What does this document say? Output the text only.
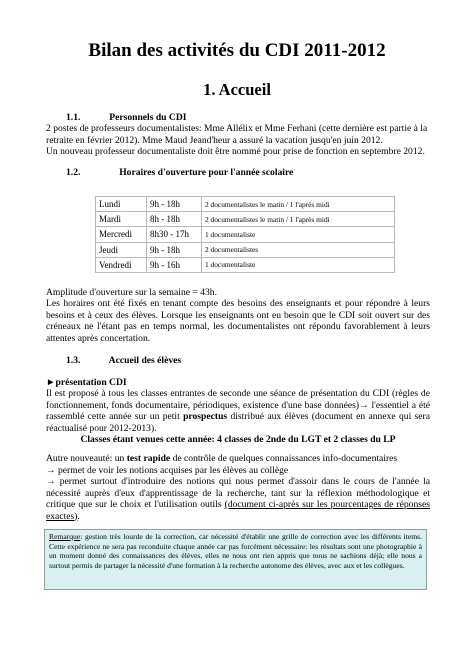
Bilan des activités du CDI 2011-2012
1. Accueil
1.1.	Personnels du CDI
2 postes de professeurs documentalistes: Mme Allélix et Mme Ferhani (cette dernière est partie à la
retraite en février 2012). Mme Maud Jeand'heur a assuré la vacation jusqu'en juin 2012.
Un nouveau professeur documentaliste doit être nommé pour prise de fonction en septembre 2012.
1.2.	Horaires d'ouverture pour l'année scolaire
Lundi	9h - 18h	2 documentalistes le matin / 1 l'après midi
Mardi	8h - 18h	2 documentalistes le matin / 1 l'après midi
Mercredi	8h30 - 17h	1 documentaliste
Jeudi	9h - 18h	2 documentalistes
Vendredi	9h - 16h	1 documentaliste
Amplitude d'ouverture sur la semaine = 43h.
Les horaires ont été fixés en tenant compte des besoins des enseignants et pour répondre à leurs besoins et à ceux des élèves. Lorsque les enseignants ont eu besoin que le CDI soit ouvert sur des créneaux ne l'étant pas en temps normal, les documentalistes ont répondu favorablement à leurs attentes après concertation.
1.3.	Accueil des élèves
►présentation CDI
Il est proposé à tous les classes entrantes de seconde une séance de présentation du CDI (règles de fonctionnement, fonds documentaire, périodiques, existence d'une base données)→ l'essentiel a été rassemblé cette année sur un petit prospectus distribué aux élèves (document en annexe qui sera réactualisé pour 2012-2013).
Classes étant venues cette année: 4 classes de 2nde du LGT et 2 classes du LP
Autre nouveauté: un test rapide de contrôle de quelques connaissances info-documentaires
→ permet de voir les notions acquises par les élèves au collège
→ permet surtout d'introduire des notions qui nous permet d'assoir dans le cours de l'année la nécessité auprès d'eux d'apprentissage de la recherche, tant sur la réflexion méthodologique et critique que sur le choix et l'utilisation outils (document ci-après sur les pourcentages de réponses exactes).
Remarque: gestion très lourde de la correction, car nécessité d'établir une grille de correction avec les différents items. Cette expérience ne sera pas reconduite chaque année car pas forcément nécessaire: les résultats sont une photographie à un moment donné des connaissances des élèves, elles ne nous ont rien appris que nous ne sachions déjà; elle nous a surtout permis de partager la nécessité d'une formation à la recherche autonome des élèves, avec aux et les collègues.
